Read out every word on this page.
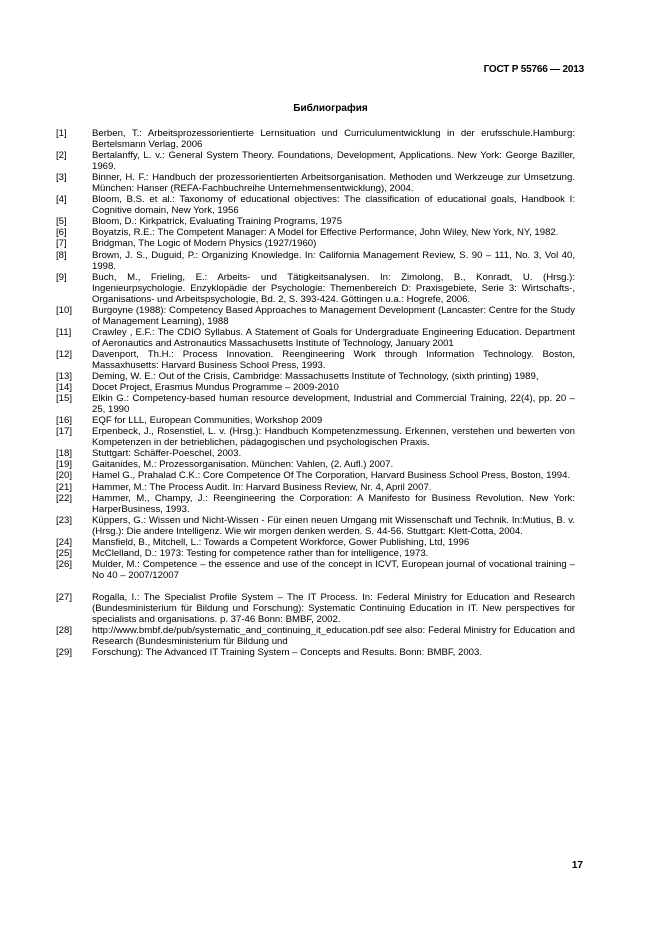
ГОСТ Р 55766 — 2013
Библиография
[1]	Berben, T.: Arbeitsprozessorientierte Lernsituation und Curriculumentwicklung in der erufsschule.Hamburg: Bertelsmann Verlag, 2006
[2]	Bertalanffy, L. v.: General System Theory. Foundations, Development, Applications. New York: George Baziller, 1969.
[3]	Binner, H. F.: Handbuch der prozessorientierten Arbeitsorganisation. Methoden und Werkzeuge zur Umsetzung. München: Hanser (REFA-Fachbuchreihe Unternehmensentwicklung), 2004.
[4]	Bloom, B.S. et al.: Taxonomy of educational objectives: The classification of educational goals, Handbook I: Cognitive domain, New York, 1956
[5]	Bloom, D.: Kirkpatrick, Evaluating Training Programs, 1975
[6]	Boyatzis, R.E.: The Competent Manager: A Model for Effective Performance, John Wiley, New York, NY, 1982.
[7]	Bridgman, The Logic of Modern Physics (1927/1960)
[8]	Brown, J. S., Duguid, P.: Organizing Knowledge. In: California Management Review, S. 90 – 111, No. 3, Vol 40, 1998.
[9]	Buch, M., Frieling, E.: Arbeits- und Tätigkeitsanalysen. In: Zimolong, B., Konradt, U. (Hrsg.): Ingenieurpsychologie. Enzyklopädie der Psychologie: Themenbereich D: Praxisgebiete, Serie 3: Wirtschafts-, Organisations- und Arbeitspsychologie, Bd. 2, S. 393-424. Göttingen u.a.: Hogrefe, 2006.
[10]	Burgoyne (1988): Competency Based Approaches to Management Development (Lancaster: Centre for the Study of Management Learning), 1988
[11]	Crawley , E.F.: The CDIO Syllabus. A Statement of Goals for Undergraduate Engineering Education. Department of Aeronautics and Astronautics Massachusetts Institute of Technology, January 2001
[12]	Davenport, Th.H.: Process Innovation. Reengineering Work through Information Technology. Boston, Massaxhusetts: Harvard Business School Press, 1993.
[13]	Deming, W. E.: Out of the Crisis, Cambridge: Massachusetts Institute of Technology, (sixth printing) 1989,
[14]	Docet Project, Erasmus Mundus Programme – 2009-2010
[15]	Elkin G.: Competency-based human resource development, Industrial and Commercial Training, 22(4), pp. 20 – 25, 1990
[16]	EQF for LLL, European Communities, Workshop 2009
[17]	Erpenbeck, J., Rosenstiel, L. v. (Hrsg.): Handbuch Kompetenzmessung. Erkennen, verstehen und bewerten von Kompetenzen in der betrieblichen, pädagogischen und psychologischen Praxis.
[18]	Stuttgart: Schäffer-Poeschel, 2003.
[19]	Gaitanides, M.: Prozessorganisation. München: Vahlen, (2. Aufl.) 2007.
[20]	Hamel G., Prahalad C.K.: Core Competence Of The Corporation, Harvard Business School Press, Boston, 1994.
[21]	Hammer, M.: The Process Audit. In: Harvard Business Review, Nr. 4, April 2007.
[22]	Hammer, M., Champy, J.: Reengineering the Corporation: A Manifesto for Business Revolution. New York: HarperBusiness, 1993.
[23]	Küppers, G.: Wissen und Nicht-Wissen - Für einen neuen Umgang mit Wissenschaft und Technik. In:Mutius, B. v. (Hrsg.): Die andere Intelligenz. Wie wir morgen denken werden. S. 44-56. Stuttgart: Klett-Cotta, 2004.
[24]	Mansfield, B., Mitchell, L.: Towards a Competent Workforce, Gower Publishing, Ltd, 1996
[25]	McClelland, D.: 1973: Testing for competence rather than for intelligence, 1973.
[26]	Mulder, M.: Competence – the essence and use of the concept in ICVT, European journal of vocational training – No 40 – 2007/12007
[27]	Rogalla, I.: The Specialist Profile System – The IT Process. In: Federal Ministry for Education and Research (Bundesministerium für Bildung und Forschung): Systematic Continuing Education in IT. New perspectives for specialists and organisations. p. 37-46 Bonn: BMBF, 2002.
[28]	http://www.bmbf.de/pub/systematic_and_continuing_it_education.pdf see also: Federal Ministry for Education and Research (Bundesministerium für Bildung und
[29]	Forschung): The Advanced IT Training System – Concepts and Results. Bonn: BMBF, 2003.
17
